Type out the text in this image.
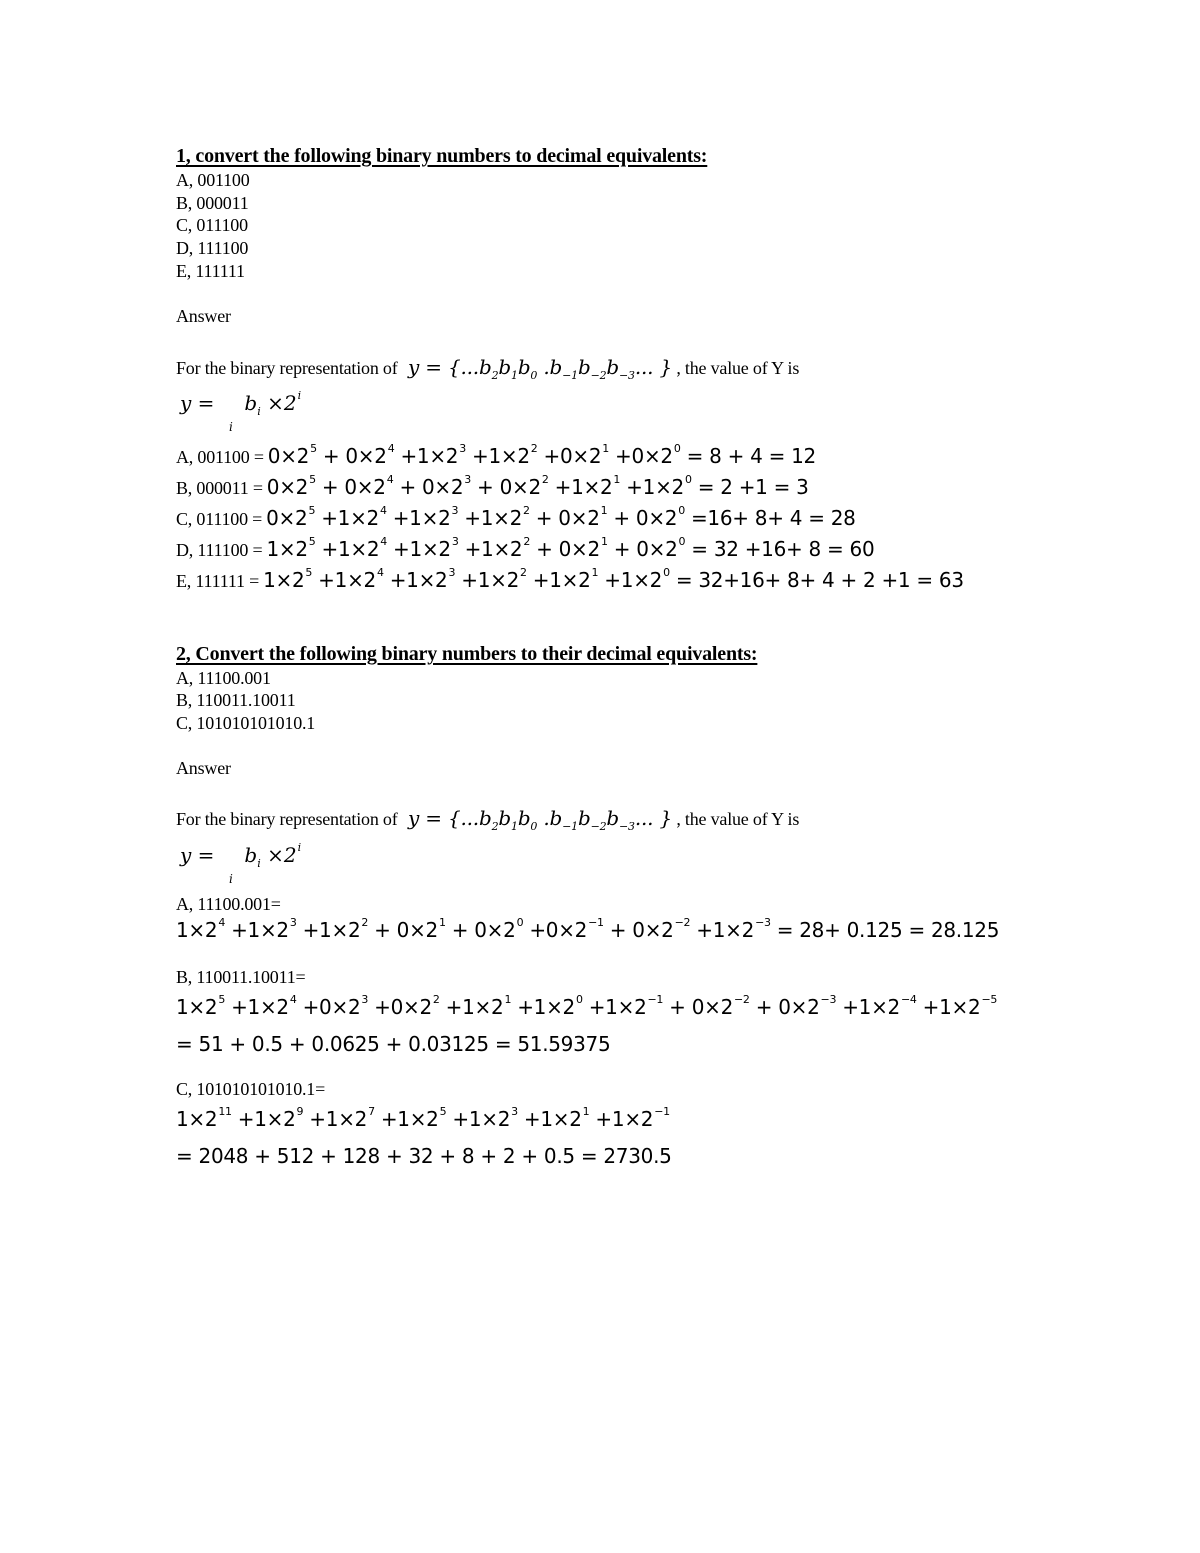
1, convert the following binary numbers to decimal equivalents:
A, 001100
B, 000011
C, 011100
D, 111100
E, 111111
Answer
For the binary representation of  $y = \{...b_2b_1b_0$ $.b_{-1}b_{-2}b_{-3}$... } , the value of Y is
$y = b_i \times 2^i$
i
A, $001100 = 0\times 2^5 + 0\times 2^4 +1\times 2^3 +1\times 2^2 +0\times 2^1 +0\times 2^0 = 8 + 4 = 12$
B, $000011 = 0\times 2^5 + 0\times 2^4 + 0\times 2^3 + 0\times 2^2 +1\times 2^1 +1\times 2^0 = 2 +1 = 3$
C, $011100 = 0\times 2^5 +1\times 2^4 +1\times 2^3 +1\times 2^2 + 0\times 2^1 + 0\times 2^0 =16+ 8+ 4 = 28$
D, $111100 = 1\times 2^5 +1\times 2^4 +1\times 2^3 +1\times 2^2 + 0\times 2^1 + 0\times 2^0 = 32 +16+ 8 = 60$
E, $111111 = 1\times 2^5 +1\times 2^4 +1\times 2^3 +1\times 2^2 +1\times 2^1 +1\times 2^0 = 32+16+ 8+ 4 + 2 +1 = 63$
2, Convert the following binary numbers to their decimal equivalents:
A, 11100.001
B, 110011.10011
C, 101010101010.1
Answer
For the binary representation of  $y = \{...b_2b_1b_0$ $.b_{-1}b_{-2}b_{-3}$... } , the value of Y is
$y = b_i \times 2^i$
i
A, 11100.001=
$1\times 2^4 +1\times 2^3 +1\times 2^2 + 0\times 2^1 + 0\times 2^0 +0\times 2^{-1} + 0\times 2^{-2} +1\times 2^{-3} = 28+ 0.125 = 28.125$
B, 110011.10011=
$1\times 2^5 +1\times 2^4 +0\times 2^3 +0\times 2^2 +1\times 2^1 +1\times 2^0 +1\times 2^{-1} + 0\times 2^{-2} + 0\times 2^{-3} +1\times 2^{-4} +1\times 2^{-5}$
= 51 + 0.5 + 0.0625 + 0.03125 = 51.59375
C, 101010101010.1=
$1\times 2^{11} +1\times 2^9 +1\times 2^7 +1\times 2^5 +1\times 2^3 +1\times 2^1 +1\times 2^{-1}$
= 2048 + 512 + 128 + 32 + 8 + 2 + 0.5 = 2730.5
